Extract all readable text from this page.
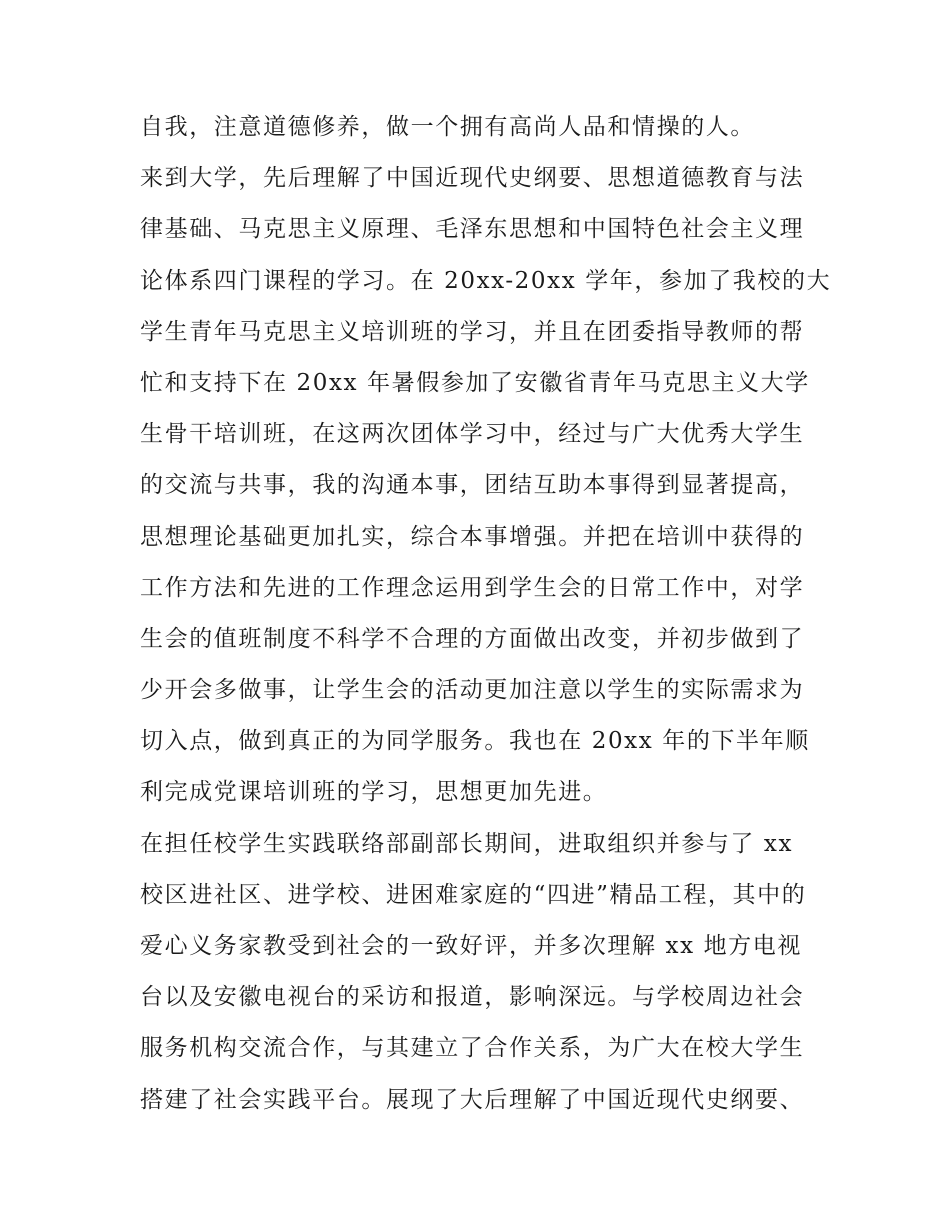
自我，注意道德修养，做一个拥有高尚人品和情操的人。
来到大学，先后理解了中国近现代史纲要、思想道德教育与法
律基础、马克思主义原理、毛泽东思想和中国特色社会主义理
论体系四门课程的学习。在 20xx-20xx 学年，参加了我校的大
学生青年马克思主义培训班的学习，并且在团委指导教师的帮
忙和支持下在 20xx 年暑假参加了安徽省青年马克思主义大学
生骨干培训班，在这两次团体学习中，经过与广大优秀大学生
的交流与共事，我的沟通本事，团结互助本事得到显著提高，
思想理论基础更加扎实，综合本事增强。并把在培训中获得的
工作方法和先进的工作理念运用到学生会的日常工作中，对学
生会的值班制度不科学不合理的方面做出改变，并初步做到了
少开会多做事，让学生会的活动更加注意以学生的实际需求为
切入点，做到真正的为同学服务。我也在 20xx 年的下半年顺
利完成党课培训班的学习，思想更加先进。
在担任校学生实践联络部副部长期间，进取组织并参与了 xx
校区进社区、进学校、进困难家庭的“四进”精品工程，其中的
爱心义务家教受到社会的一致好评，并多次理解 xx 地方电视
台以及安徽电视台的采访和报道，影响深远。与学校周边社会
服务机构交流合作，与其建立了合作关系，为广大在校大学生
搭建了社会实践平台。展现了大后理解了中国近现代史纲要、
